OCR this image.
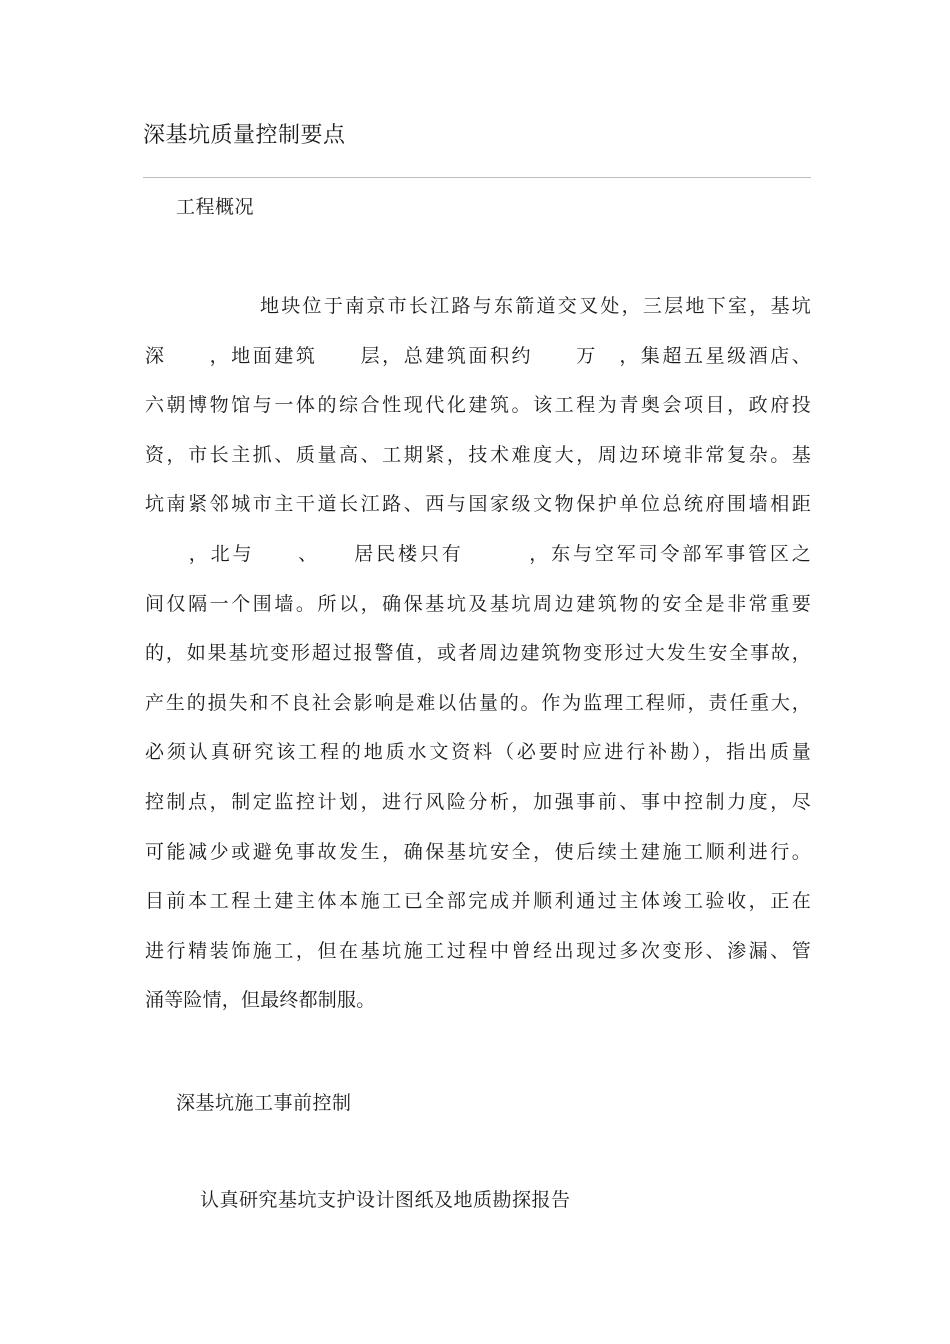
深基坑质量控制要点
工程概况
地块位于南京市长江路与东箭道交叉处，三层地下室，基坑
深　　，地面建筑　　层，总建筑面积约　　万　，集超五星级酒店、
六朝博物馆与一体的综合性现代化建筑。该工程为青奥会项目，政府投
资，市长主抓、质量高、工期紧，技术难度大，周边环境非常复杂。基
坑南紧邻城市主干道长江路、西与国家级文物保护单位总统府围墙相距
　　，北与　　、　　居民楼只有　　　，东与空军司令部军事管区之
间仅隔一个围墙。所以，确保基坑及基坑周边建筑物的安全是非常重要
的，如果基坑变形超过报警值，或者周边建筑物变形过大发生安全事故，
产生的损失和不良社会影响是难以估量的。作为监理工程师，责任重大，
必须认真研究该工程的地质水文资料（必要时应进行补勘），指出质量
控制点，制定监控计划，进行风险分析，加强事前、事中控制力度，尽
可能减少或避免事故发生，确保基坑安全，使后续土建施工顺利进行。
目前本工程土建主体本施工已全部完成并顺利通过主体竣工验收，正在
进行精装饰施工，但在基坑施工过程中曾经出现过多次变形、渗漏、管
涌等险情，但最终都制服。
深基坑施工事前控制
认真研究基坑支护设计图纸及地质勘探报告
